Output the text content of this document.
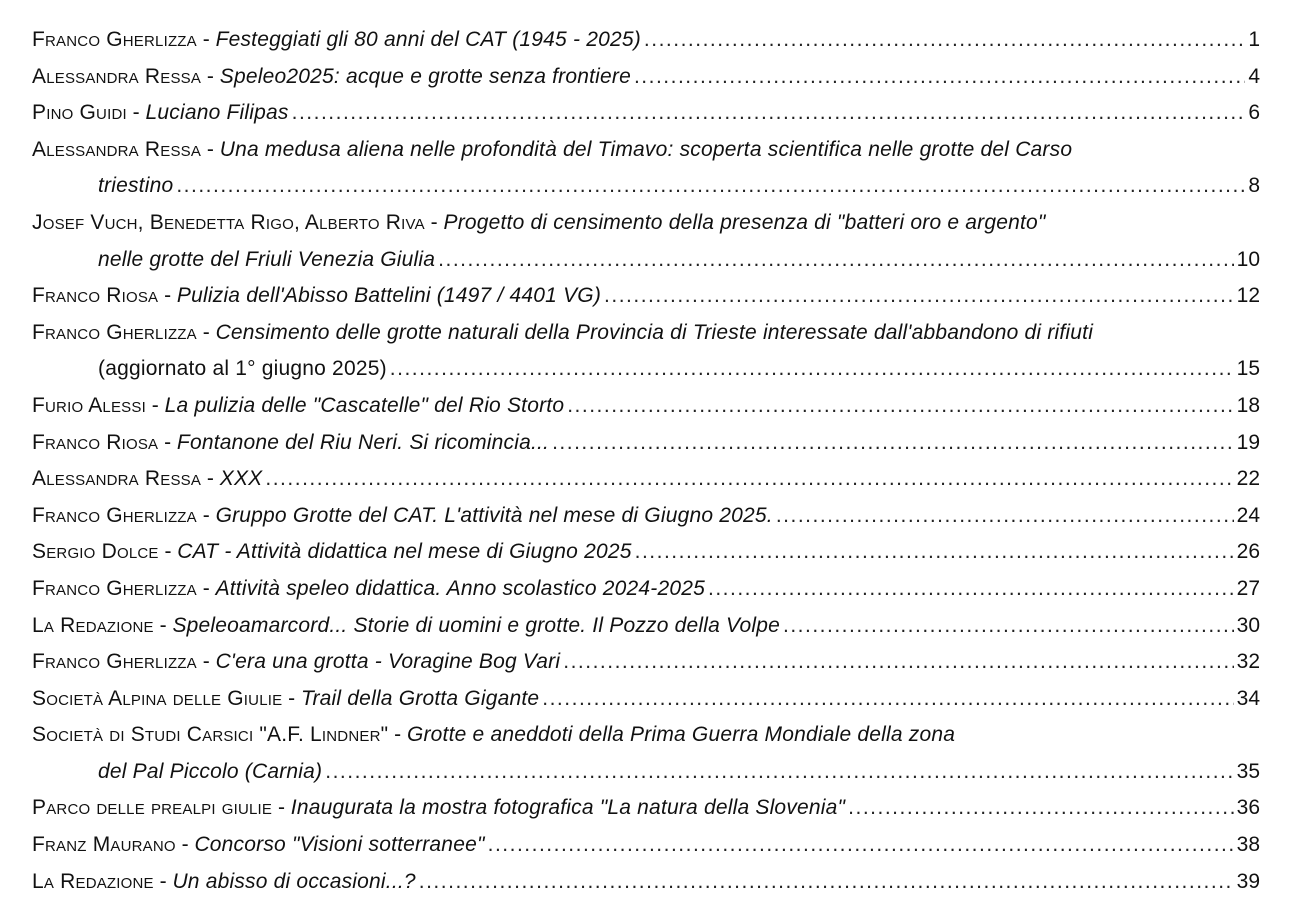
Franco Gherlizza - Festeggiati gli 80 anni del CAT (1945 - 2025) .....	1
Alessandra Ressa - Speleo2025: acque e grotte senza frontiere .....	4
Pino Guidi - Luciano Filipas .....	6
Alessandra Ressa - Una medusa aliena nelle profondità del Timavo: scoperta scientifica nelle grotte del Carso
triestino .....	8
Josef Vuch, Benedetta Rigo, Alberto Riva - Progetto di censimento della presenza di "batteri oro e argento"
nelle grotte del Friuli Venezia Giulia .....	10
Franco Riosa - Pulizia dell'Abisso Battelini (1497 / 4401 VG) .....	12
Franco Gherlizza - Censimento delle grotte naturali della Provincia di Trieste interessate dall'abbandono di rifiuti
(aggiornato al 1° giugno 2025) .....	15
Furio Alessi - La pulizia delle "Cascatelle" del Rio Storto .....	18
Franco Riosa - Fontanone del Riu Neri. Si ricomincia... .....	19
Alessandra Ressa - XXX .....	22
Franco Gherlizza - Gruppo Grotte del CAT. L'attività nel mese di Giugno 2025. .....	24
Sergio Dolce - CAT - Attività didattica nel mese di Giugno 2025 .....	26
Franco Gherlizza - Attività speleo didattica. Anno scolastico 2024-2025 .....	27
La Redazione - Speleoamarcord... Storie di uomini e grotte. Il Pozzo della Volpe .....	30
Franco Gherlizza - C'era una grotta - Voragine Bog Vari .....	32
Società Alpina delle Giulie - Trail della Grotta Gigante .....	34
Società di Studi Carsici "A.F. Lindner" - Grotte e aneddoti della Prima Guerra Mondiale della zona
del Pal Piccolo (Carnia) .....	35
Parco delle prealpi giulie - Inaugurata la mostra fotografica "La natura della Slovenia" .....	36
Franz Maurano - Concorso "Visioni sotterranee" .....	38
La Redazione - Un abisso di occasioni...? .....	39
